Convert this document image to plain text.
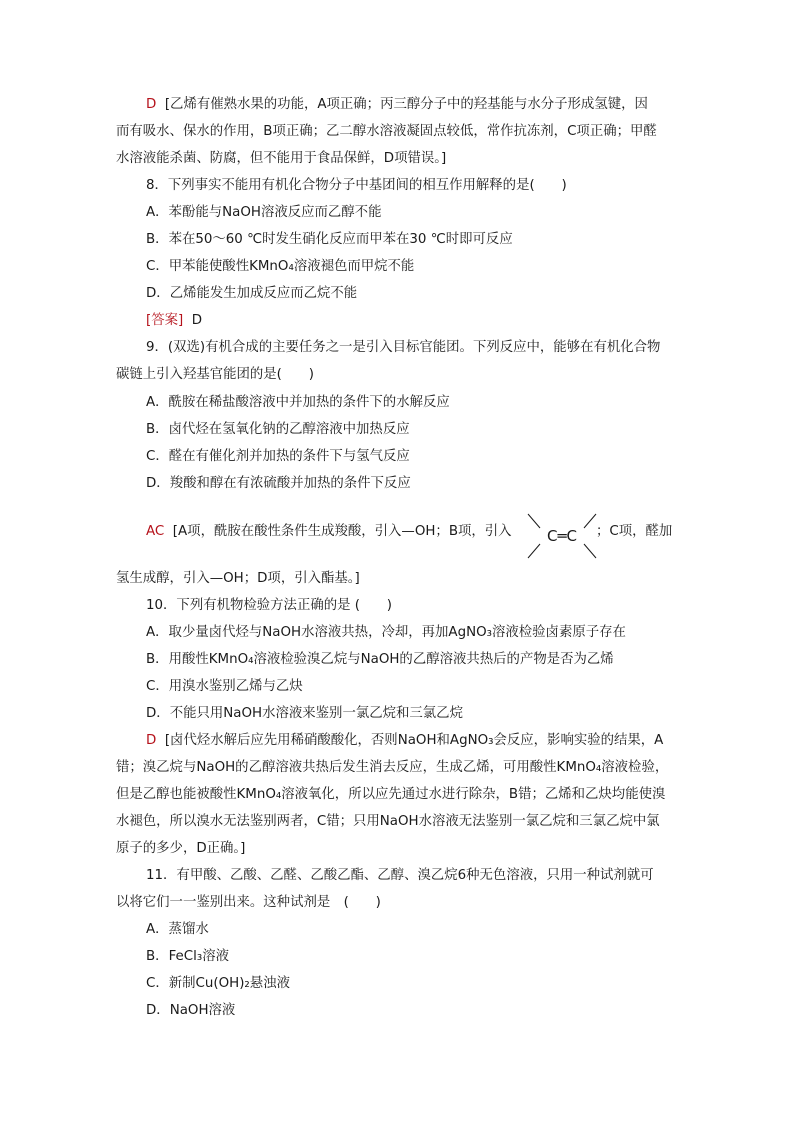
D [乙烯有催熟水果的功能，A项正确；丙三醇分子中的羟基能与水分子形成氢键，因
而有吸水、保水的作用，B项正确；乙二醇水溶液凝固点较低，常作抗冻剂，C项正确；甲醛
水溶液能杀菌、防腐，但不能用于食品保鲜，D项错误。]
8．下列事实不能用有机化合物分子中基团间的相互作用解释的是(　　)
A．苯酚能与NaOH溶液反应而乙醇不能
B．苯在50～60 ℃时发生硝化反应而甲苯在30 ℃时即可反应
C．甲苯能使酸性KMnO₄溶液褪色而甲烷不能
D．乙烯能发生加成反应而乙烷不能
[答案] D
9．(双选)有机合成的主要任务之一是引入目标官能团。下列反应中，能够在有机化合物
碳链上引入羟基官能团的是(　　)
A．酰胺在稀盐酸溶液中并加热的条件下的水解反应
B．卤代烃在氢氧化钠的乙醇溶液中加热反应
C．醛在有催化剂并加热的条件下与氢气反应
D．羧酸和醇在有浓硫酸并加热的条件下反应
AC [A项，酰胺在酸性条件生成羧酸，引入—OH；B项，引入 C═C ；C项，醛加
氢生成醇，引入—OH；D项，引入酯基。]
10．下列有机物检验方法正确的是 (　　)
A．取少量卤代烃与NaOH水溶液共热，冷却，再加AgNO₃溶液检验卤素原子存在
B．用酸性KMnO₄溶液检验溴乙烷与NaOH的乙醇溶液共热后的产物是否为乙烯
C．用溴水鉴别乙烯与乙炔
D．不能只用NaOH水溶液来鉴别一氯乙烷和三氯乙烷
D [卤代烃水解后应先用稀硝酸酸化，否则NaOH和AgNO₃会反应，影响实验的结果，A
错；溴乙烷与NaOH的乙醇溶液共热后发生消去反应，生成乙烯，可用酸性KMnO₄溶液检验，
但是乙醇也能被酸性KMnO₄溶液氧化，所以应先通过水进行除杂，B错；乙烯和乙炔均能使溴
水褪色，所以溴水无法鉴别两者，C错；只用NaOH水溶液无法鉴别一氯乙烷和三氯乙烷中氯
原子的多少，D正确。]
11．有甲酸、乙酸、乙醛、乙酸乙酯、乙醇、溴乙烷6种无色溶液，只用一种试剂就可
以将它们一一鉴别出来。这种试剂是　(　　)
A．蒸馏水
B．FeCl₃溶液
C．新制Cu(OH)₂悬浊液
D．NaOH溶液
